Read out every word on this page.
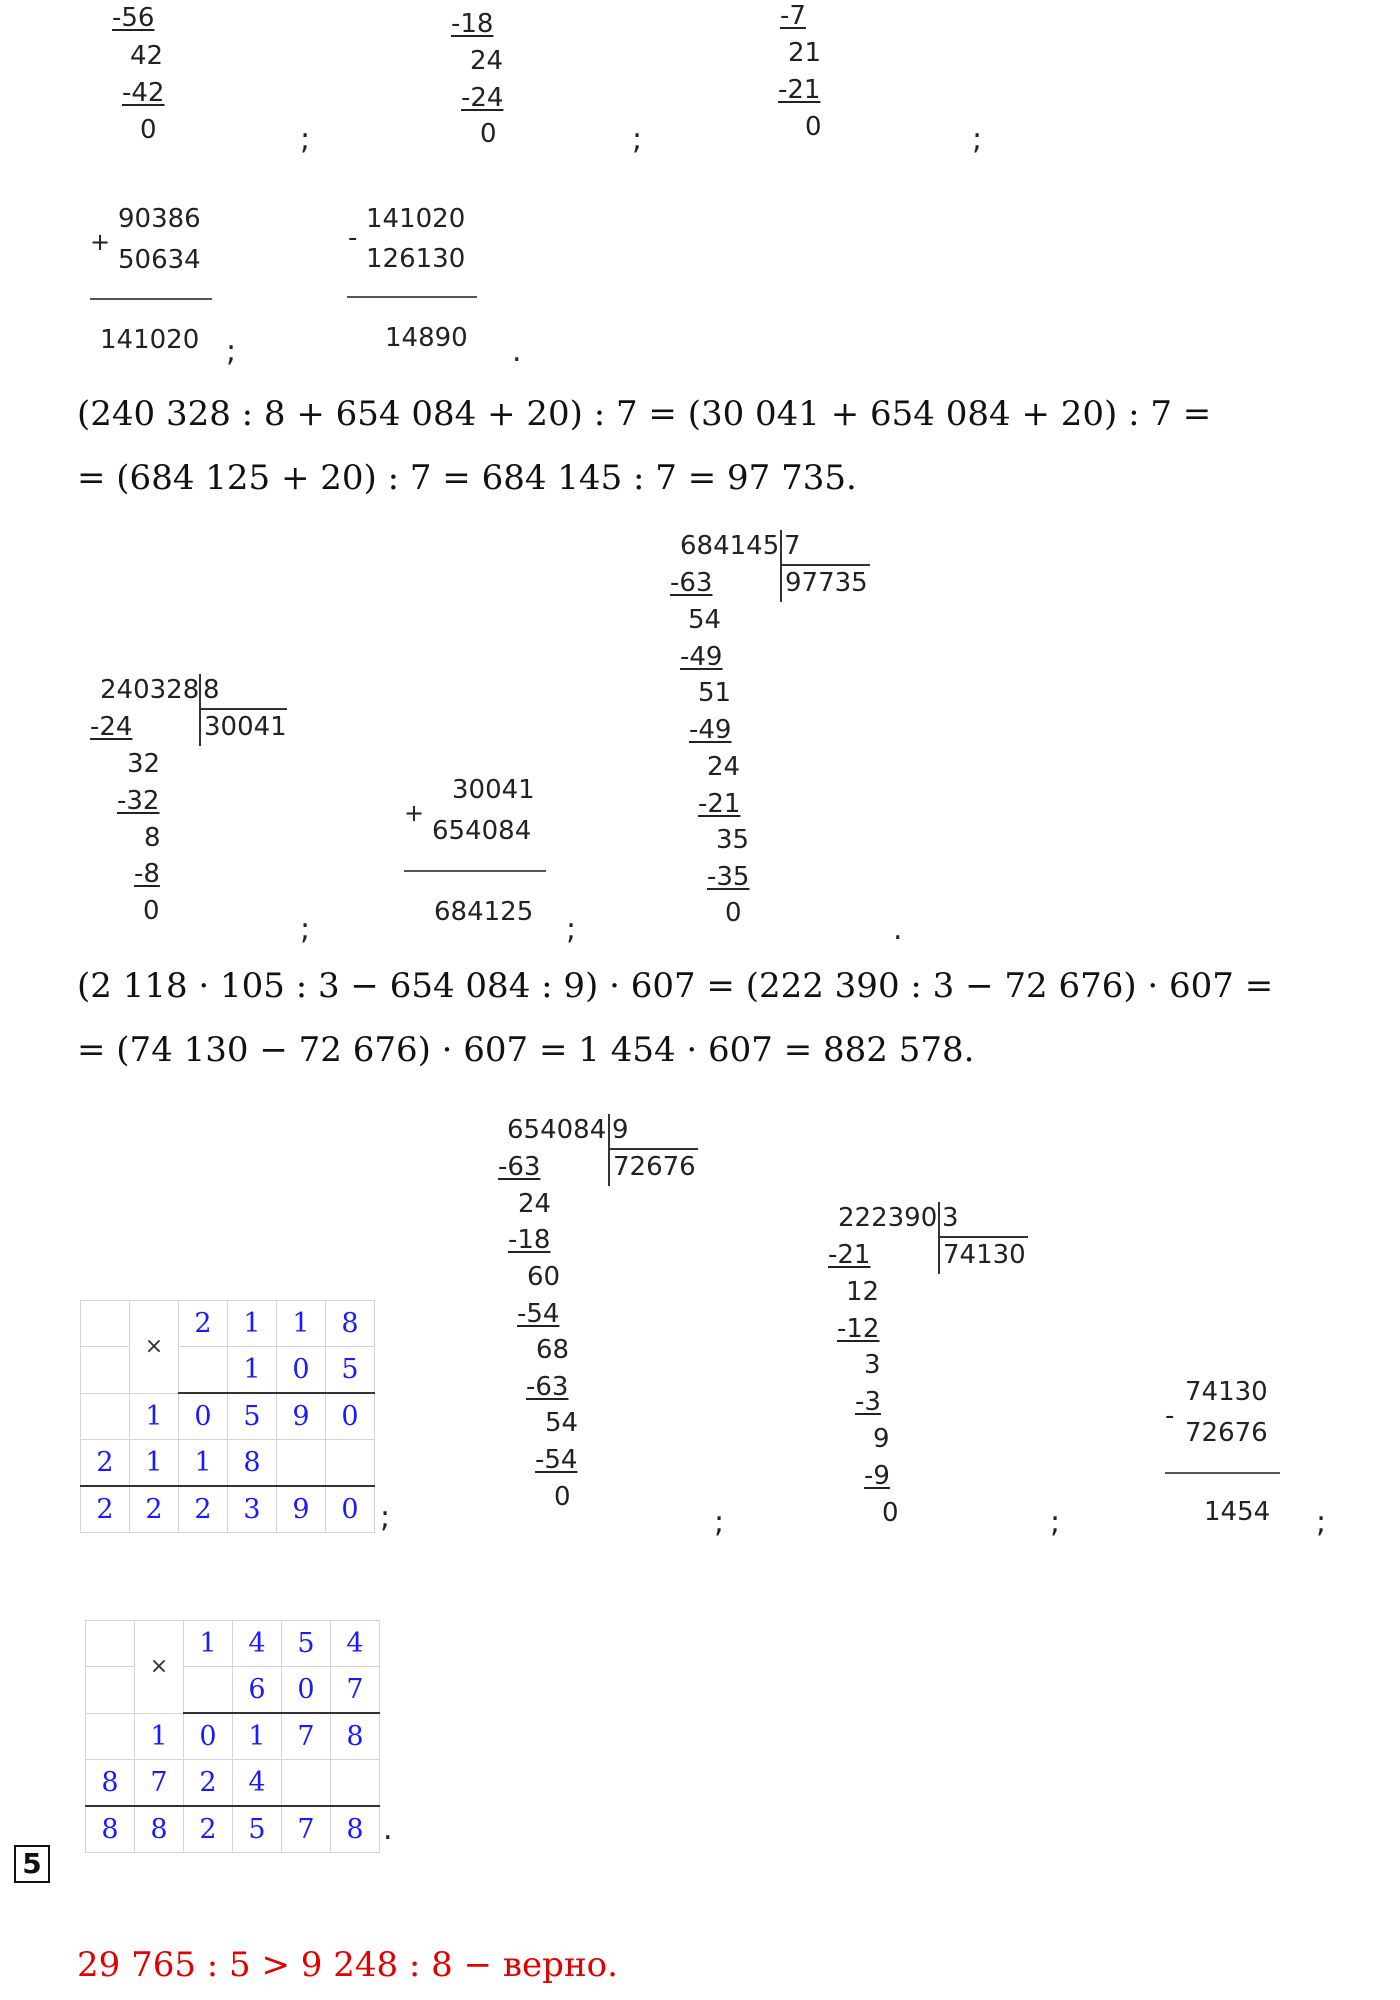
-56
42
-42
0	;
-18
24
-24
0	;
-7
21
-21
0	;
+
90386
50634
141020 ;
-
141020
126130
14890 .
(240 328 : 8 + 654 084 + 20) : 7 = (30 041 + 654 084 + 20) : 7 =
= (684 125 + 20) : 7 = 684 145 : 7 = 97 735.
240328 8
30041
-24
32
-32
8
-8
0
;
+
30041
654084
684125 ;
684145 7
97735
-63
54
-49
51
-49
24
-21
35
-35
0	.
(2 118 · 105 : 3 − 654 084 : 9) · 607 = (222 390 : 3 − 72 676) · 607 =
= (74 130 − 72 676) · 607 = 1 454 · 607 = 882 578.
	×	2	1	1	8
			1	0	5
	1	0	5	9	0
2	1	1	8		
2	2	2	3	9	0 ;
654084 9
72676
-63
24
-18
60
-54
68
-63
54
-54
0
;
222390 3
74130
-21
12
-12
3
-3
9
-9
0	;
-
74130
72676
1454 ;
	×	1	4	5	4
			6	0	7
	1	0	1	7	8
8	7	2	4		
8	8	2	5	7	8 .
5
29 765 : 5 > 9 248 : 8 − верно.
